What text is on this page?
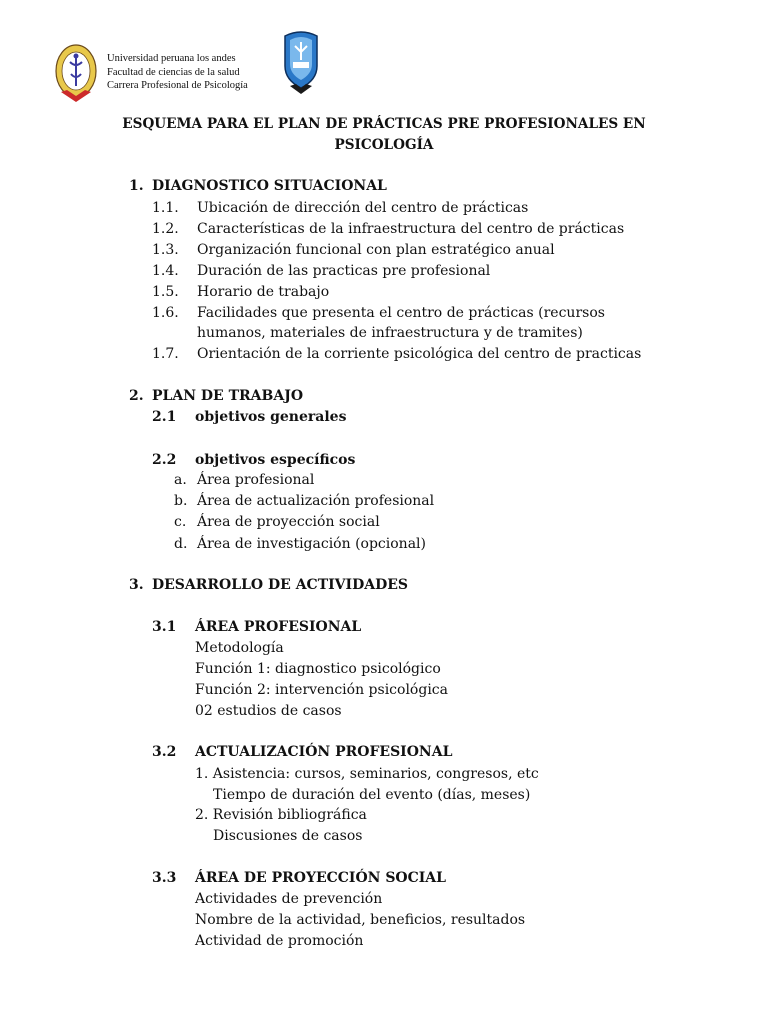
Universidad peruana los andes
Facultad de ciencias de la salud
Carrera Profesional de Psicología
ESQUEMA PARA EL PLAN DE PRÁCTICAS PRE PROFESIONALES EN
PSICOLOGÍA
1. DIAGNOSTICO SITUACIONAL
1.1. Ubicación de dirección del centro de prácticas
1.2. Características de la infraestructura del centro de prácticas
1.3. Organización funcional con plan estratégico anual
1.4. Duración de las practicas pre profesional
1.5. Horario de trabajo
1.6. Facilidades que presenta el centro de prácticas (recursos
humanos, materiales de infraestructura y de tramites)
1.7. Orientación de la corriente psicológica del centro de practicas
2. PLAN DE TRABAJO
2.1 objetivos generales
2.2 objetivos específicos
a. Área profesional
b. Área de actualización profesional
c. Área de proyección social
d. Área de investigación (opcional)
3. DESARROLLO DE ACTIVIDADES
3.1 ÁREA PROFESIONAL
Metodología
Función 1: diagnostico psicológico
Función 2: intervención psicológica
02 estudios de casos
3.2 ACTUALIZACIÓN PROFESIONAL
1. Asistencia: cursos, seminarios, congresos, etc
Tiempo de duración del evento (días, meses)
2. Revisión bibliográfica
Discusiones de casos
3.3 ÁREA DE PROYECCIÓN SOCIAL
Actividades de prevención
Nombre de la actividad, beneficios, resultados
Actividad de promoción
